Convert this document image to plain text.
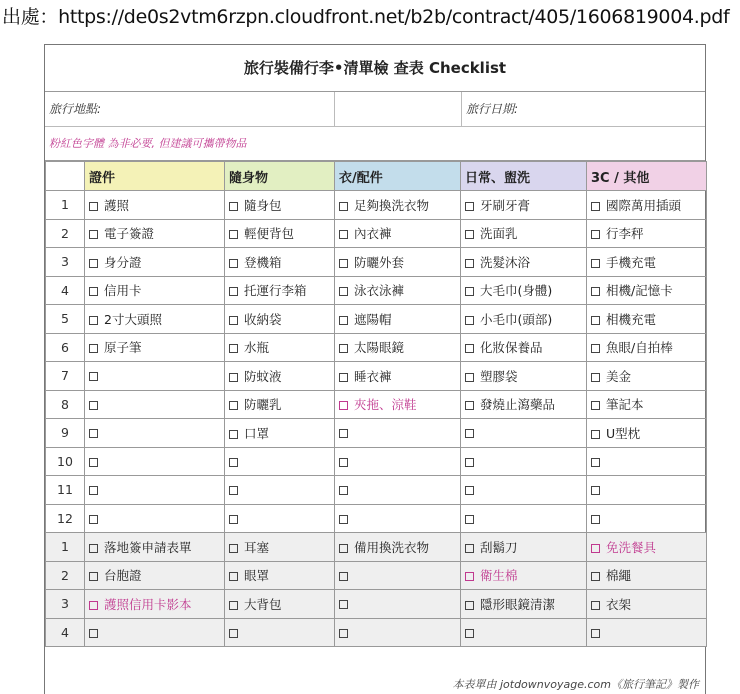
出處：https://de0s2vtm6rzpn.cloudfront.net/b2b/contract/405/1606819004.pdf
旅行裝備行李•清單檢 查表 Checklist
旅行地點:	旅行日期:
粉紅色字體 為非必要, 但建議可攜帶物品
	證件	隨身物	衣/配件	日常、盥洗	3C / 其他
1	護照	隨身包	足夠換洗衣物	牙刷牙膏	國際萬用插頭
2	電子簽證	輕便背包	內衣褲	洗面乳	行李秤
3	身分證	登機箱	防曬外套	洗髮沐浴	手機充電
4	信用卡	托運行李箱	泳衣泳褲	大毛巾(身體)	相機/記憶卡
5	2寸大頭照	收納袋	遮陽帽	小毛巾(頭部)	相機充電
6	原子筆	水瓶	太陽眼鏡	化妝保養品	魚眼/自拍棒
7		防蚊液	睡衣褲	塑膠袋	美金
8		防曬乳	夾拖、涼鞋	發燒止瀉藥品	筆記本
9		口罩			U型枕
10					
11					
12					
1	落地簽申請表單	耳塞	備用換洗衣物	刮鬍刀	免洗餐具
2	台胞證	眼罩		衛生棉	棉繩
3	護照信用卡影本	大背包		隱形眼鏡清潔	衣架
4					
本表單由 jotdownvoyage.com《旅行筆記》製作
